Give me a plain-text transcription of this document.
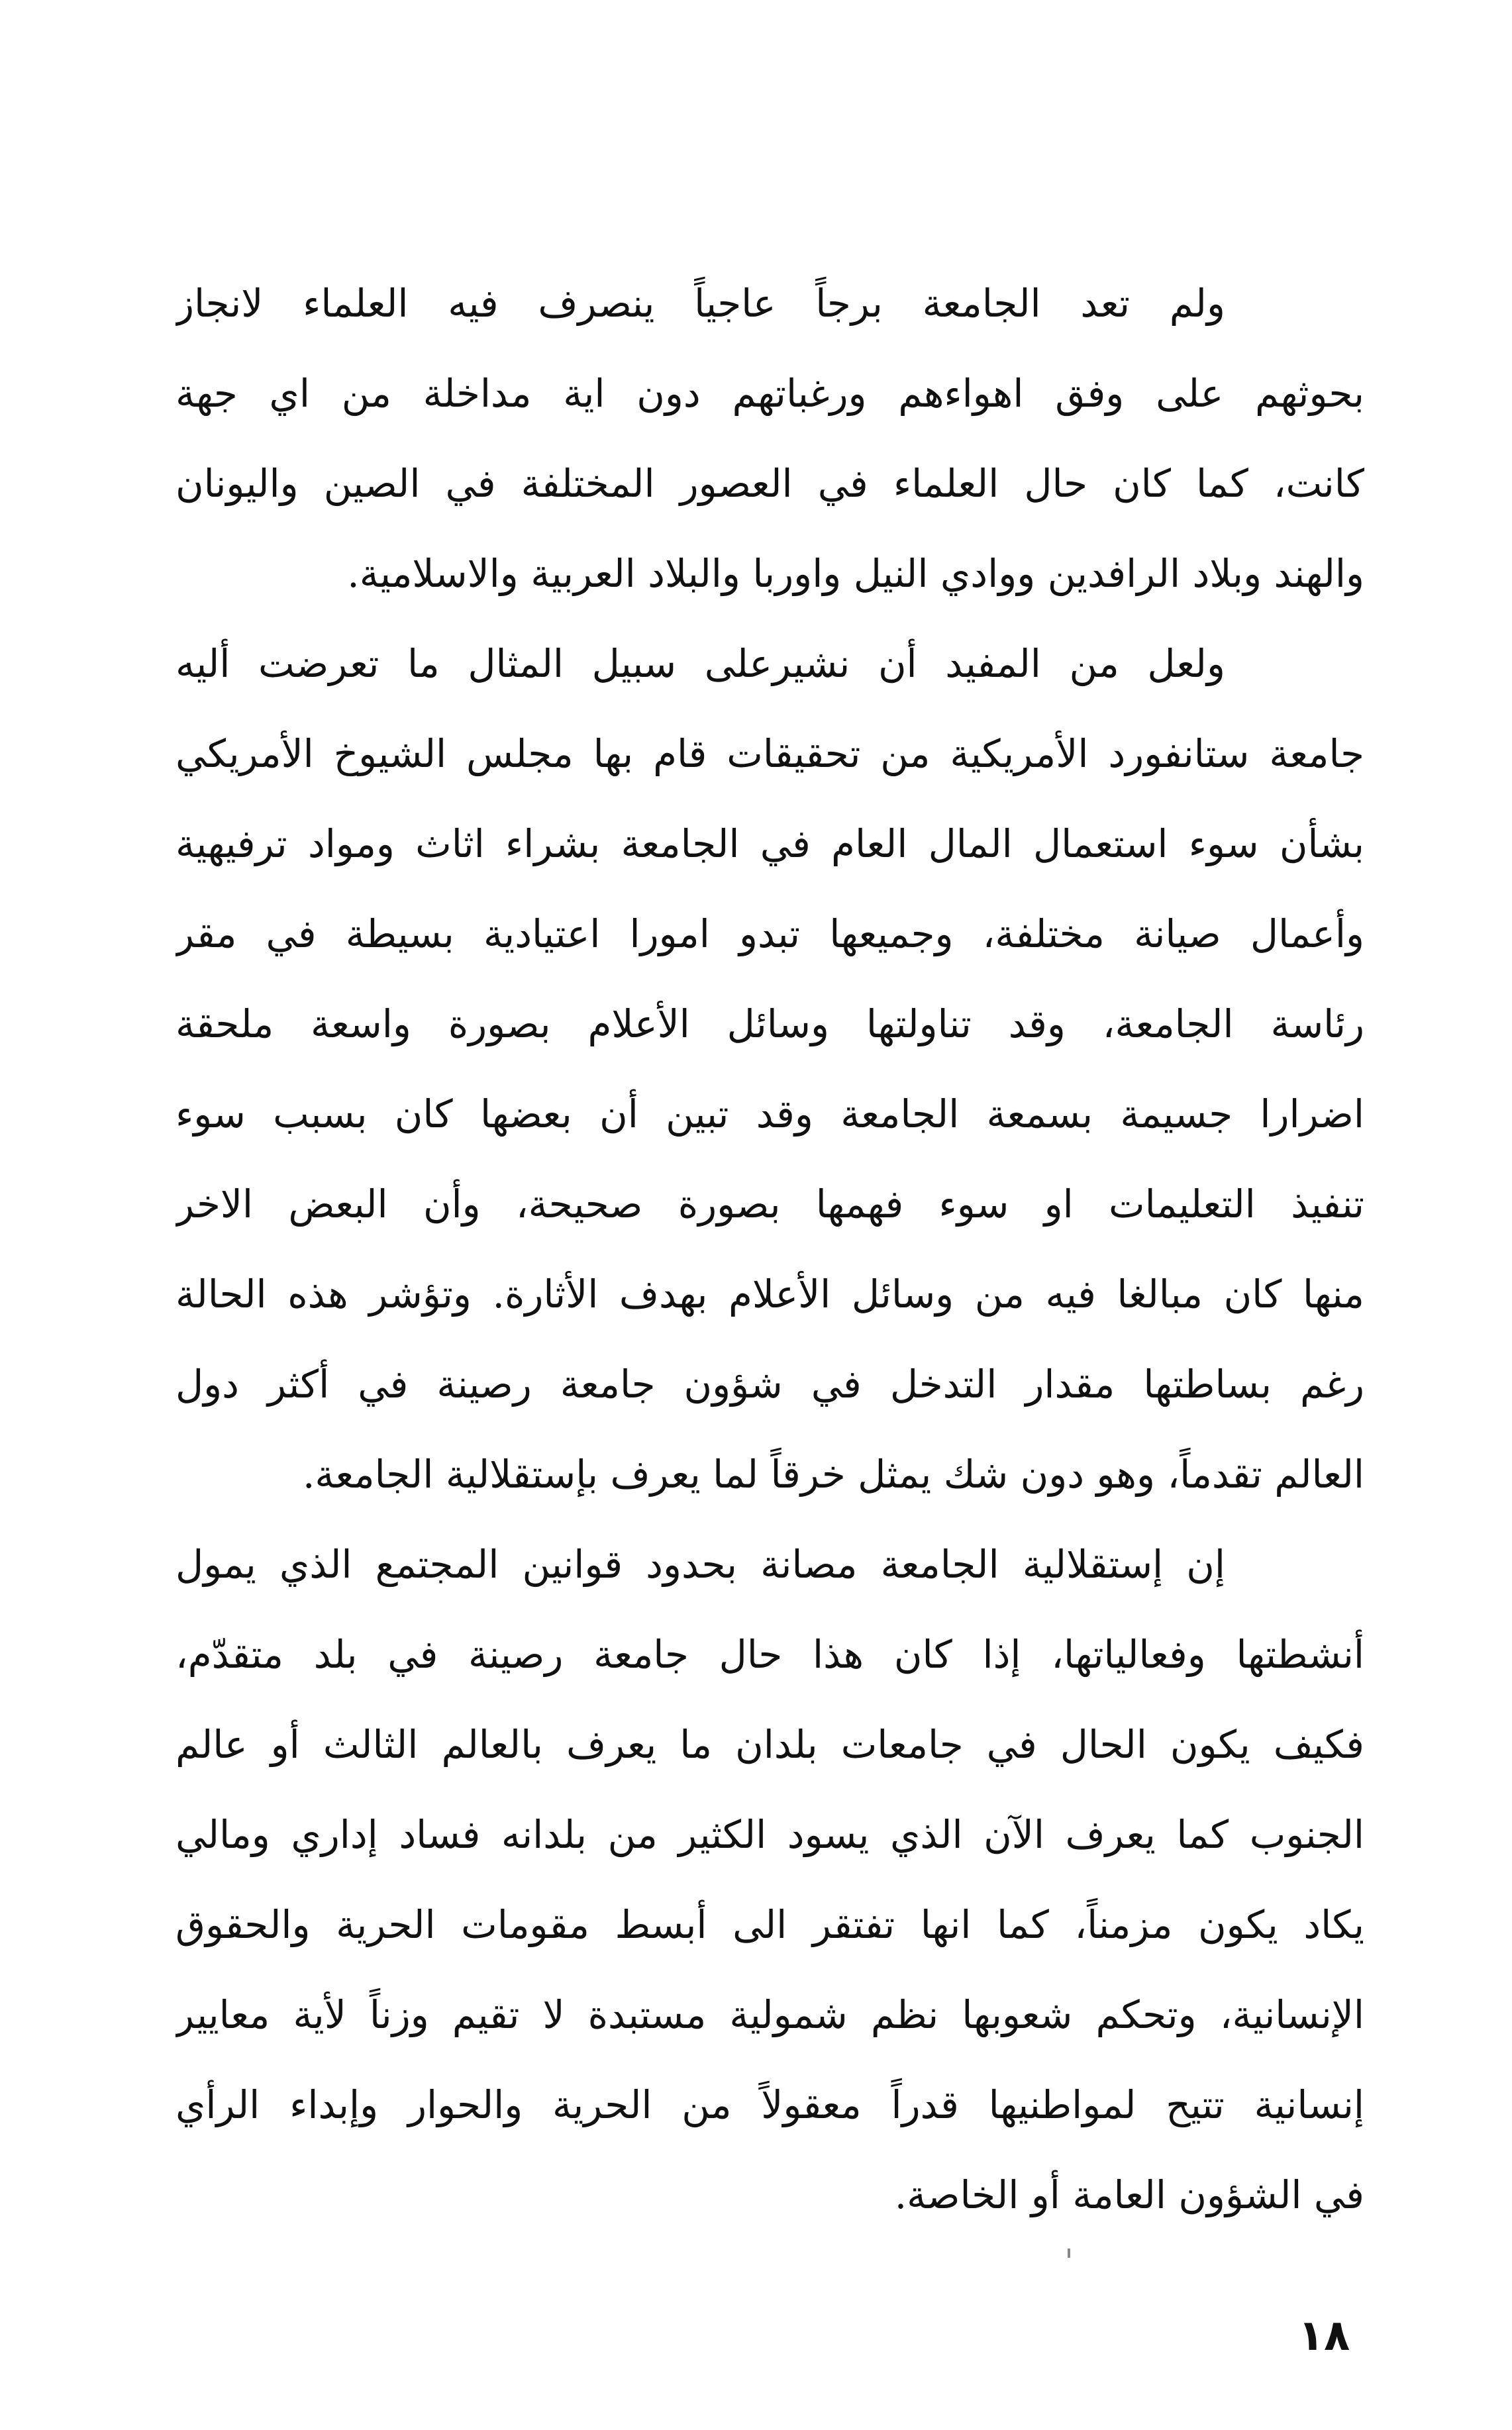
ولم تعد الجامعة برجاً عاجياً ينصرف فيه العلماء لانجاز
بحوثهم على وفق اهواءهم ورغباتهم دون اية مداخلة من اي جهة
كانت، كما كان حال العلماء في العصور المختلفة في الصين واليونان
والهند وبلاد الرافدين ووادي النيل واوربا والبلاد العربية والاسلامية.
ولعل من المفيد أن نشيرعلى سبيل المثال ما تعرضت أليه
جامعة ستانفورد الأمريكية من تحقيقات قام بها مجلس الشيوخ الأمريكي
بشأن سوء استعمال المال العام في الجامعة بشراء اثاث ومواد ترفيهية
وأعمال صيانة مختلفة، وجميعها تبدو امورا اعتيادية بسيطة في مقر
رئاسة الجامعة، وقد تناولتها وسائل الأعلام بصورة واسعة ملحقة
اضرارا جسيمة بسمعة الجامعة وقد تبين أن بعضها كان بسبب سوء
تنفيذ التعليمات او سوء فهمها بصورة صحيحة، وأن البعض الاخر
منها كان مبالغا فيه من وسائل الأعلام بهدف الأثارة. وتؤشر هذه الحالة
رغم بساطتها مقدار التدخل في شؤون جامعة رصينة في أكثر دول
العالم تقدماً، وهو دون شك يمثل خرقاً لما يعرف بإستقلالية الجامعة.
إن إستقلالية الجامعة مصانة بحدود قوانين المجتمع الذي يمول
أنشطتها وفعالياتها، إذا كان هذا حال جامعة رصينة في بلد متقدّم،
فكيف يكون الحال في جامعات بلدان ما يعرف بالعالم الثالث أو عالم
الجنوب كما يعرف الآن الذي يسود الكثير من بلدانه فساد إداري ومالي
يكاد يكون مزمناً، كما انها تفتقر الى أبسط مقومات الحرية والحقوق
الإنسانية، وتحكم شعوبها نظم شمولية مستبدة لا تقيم وزناً لأية معايير
إنسانية تتيح لمواطنيها قدراً معقولاً من الحرية والحوار وإبداء الرأي
في الشؤون العامة أو الخاصة.
١٨
